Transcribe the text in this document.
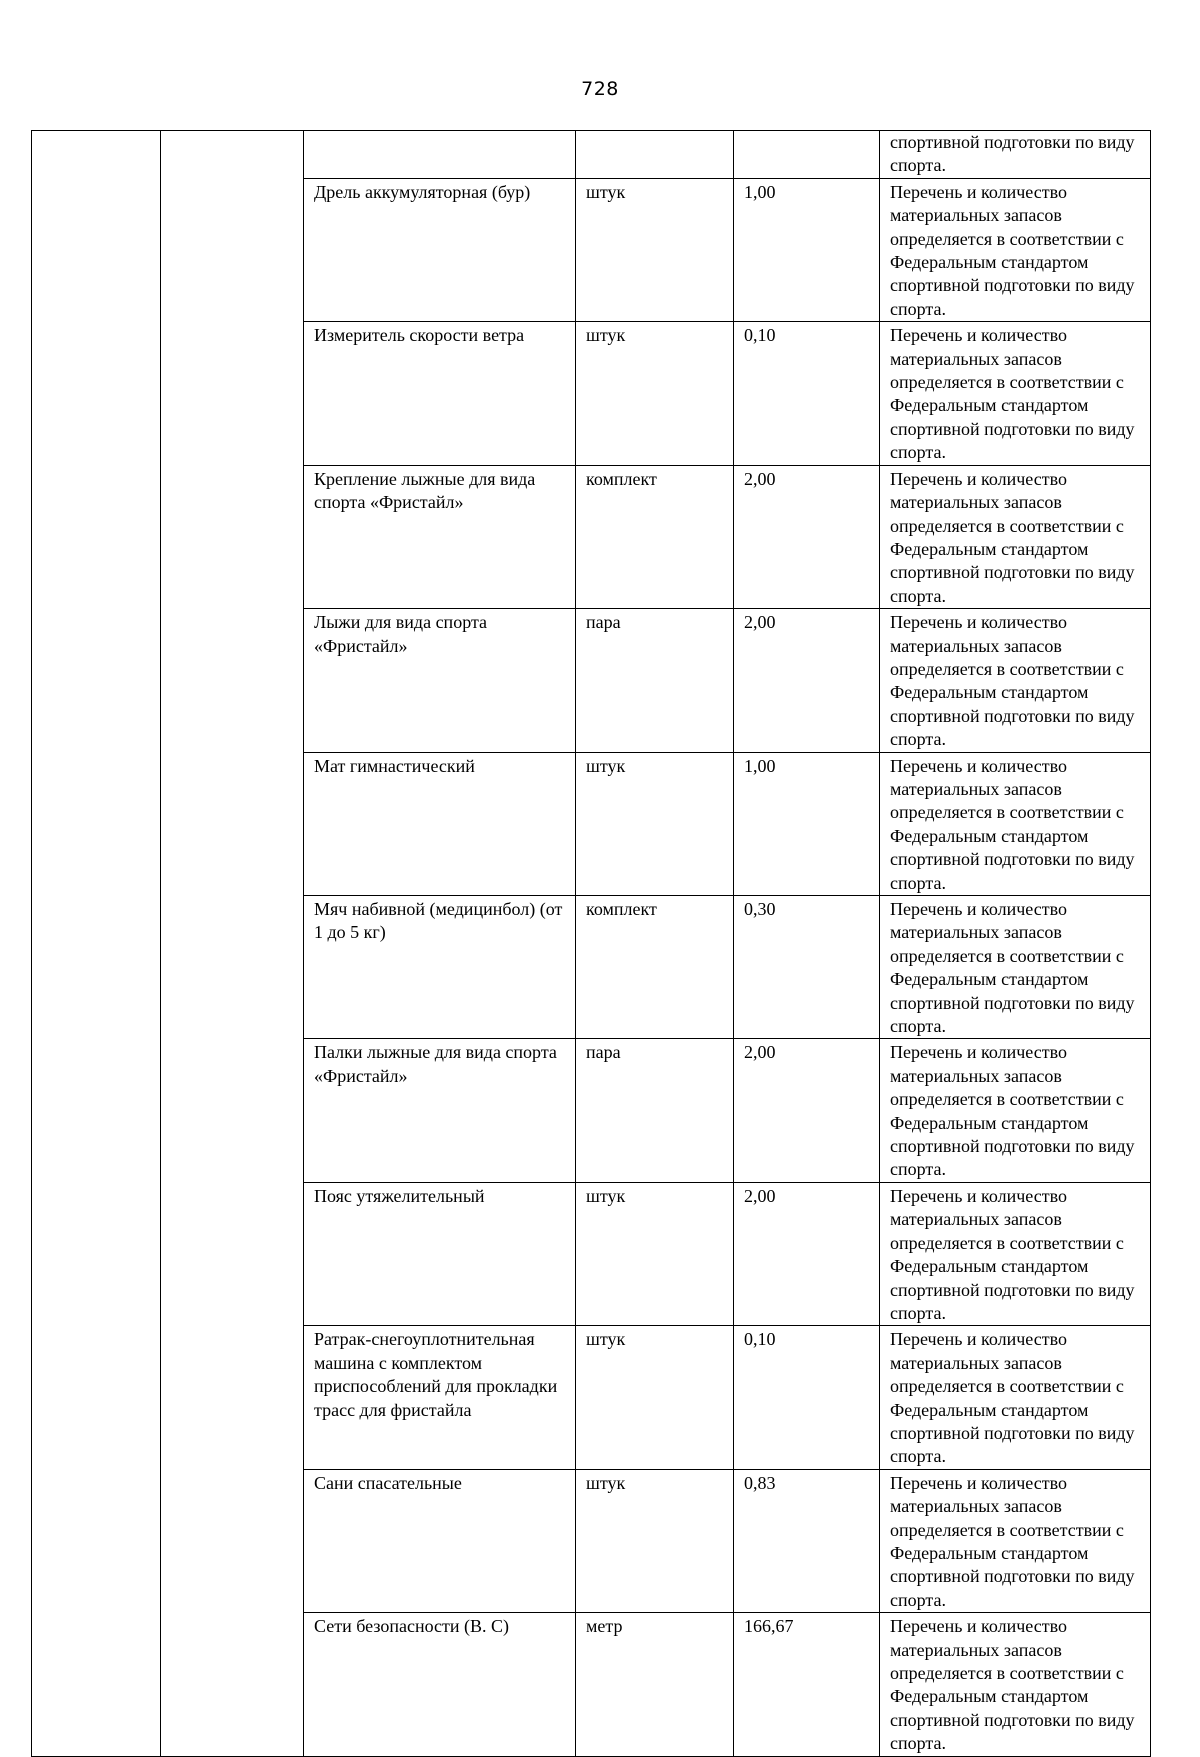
728

					спортивной подготовки по виду спорта.

		Дрель аккумуляторная (бур)	штук	1,00	Перечень и количество материальных запасов определяется в соответствии с Федеральным стандартом спортивной подготовки по виду спорта.
		Измеритель скорости ветра	штук	0,10	Перечень и количество материальных запасов определяется в соответствии с Федеральным стандартом спортивной подготовки по виду спорта.
		Крепление лыжные для вида спорта «Фристайл»	комплект	2,00	Перечень и количество материальных запасов определяется в соответствии с Федеральным стандартом спортивной подготовки по виду спорта.
		Лыжи для вида спорта «Фристайл»	пара	2,00	Перечень и количество материальных запасов определяется в соответствии с Федеральным стандартом спортивной подготовки по виду спорта.
		Мат гимнастический	штук	1,00	Перечень и количество материальных запасов определяется в соответствии с Федеральным стандартом спортивной подготовки по виду спорта.
		Мяч набивной (медицинбол) (от 1 до 5 кг)	комплект	0,30	Перечень и количество материальных запасов определяется в соответствии с Федеральным стандартом спортивной подготовки по виду спорта.
		Палки лыжные для вида спорта «Фристайл»	пара	2,00	Перечень и количество материальных запасов определяется в соответствии с Федеральным стандартом спортивной подготовки по виду спорта.
		Пояс утяжелительный	штук	2,00	Перечень и количество материальных запасов определяется в соответствии с Федеральным стандартом спортивной подготовки по виду спорта.
		Ратрак-снегоуплотнительная машина с комплектом приспособлений для прокладки трасс для фристайла	штук	0,10	Перечень и количество материальных запасов определяется в соответствии с Федеральным стандартом спортивной подготовки по виду спорта.
		Сани спасательные	штук	0,83	Перечень и количество материальных запасов определяется в соответствии с Федеральным стандартом спортивной подготовки по виду спорта.
		Сети безопасности (В. С)	метр	166,67	Перечень и количество материальных запасов определяется в соответствии с Федеральным стандартом спортивной подготовки по виду спорта.
